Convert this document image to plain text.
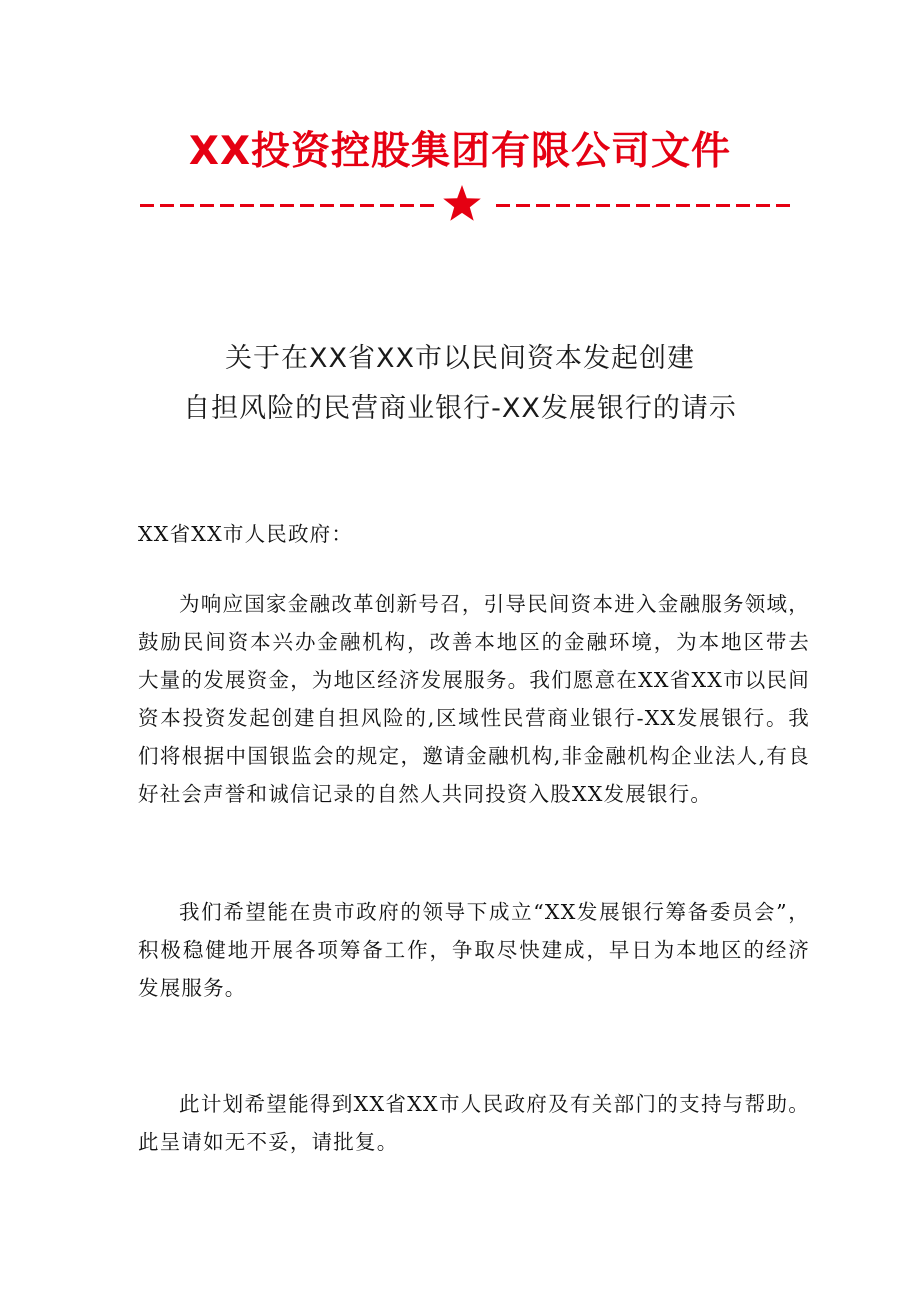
XX投资控股集团有限公司文件
关于在XX省XX市以民间资本发起创建
自担风险的民营商业银行-XX发展银行的请示

XX省XX市人民政府：

为响应国家金融改革创新号召，引导民间资本进入金融服务领域，鼓励民间资本兴办金融机构，改善本地区的金融环境，为本地区带去大量的发展资金，为地区经济发展服务。我们愿意在XX省XX市以民间资本投资发起创建自担风险的,区域性民营商业银行-XX发展银行。我们将根据中国银监会的规定，邀请金融机构,非金融机构企业法人,有良好社会声誉和诚信记录的自然人共同投资入股XX发展银行。

我们希望能在贵市政府的领导下成立“XX发展银行筹备委员会”，积极稳健地开展各项筹备工作，争取尽快建成，早日为本地区的经济发展服务。

此计划希望能得到XX省XX市人民政府及有关部门的支持与帮助。此呈请如无不妥，请批复。
